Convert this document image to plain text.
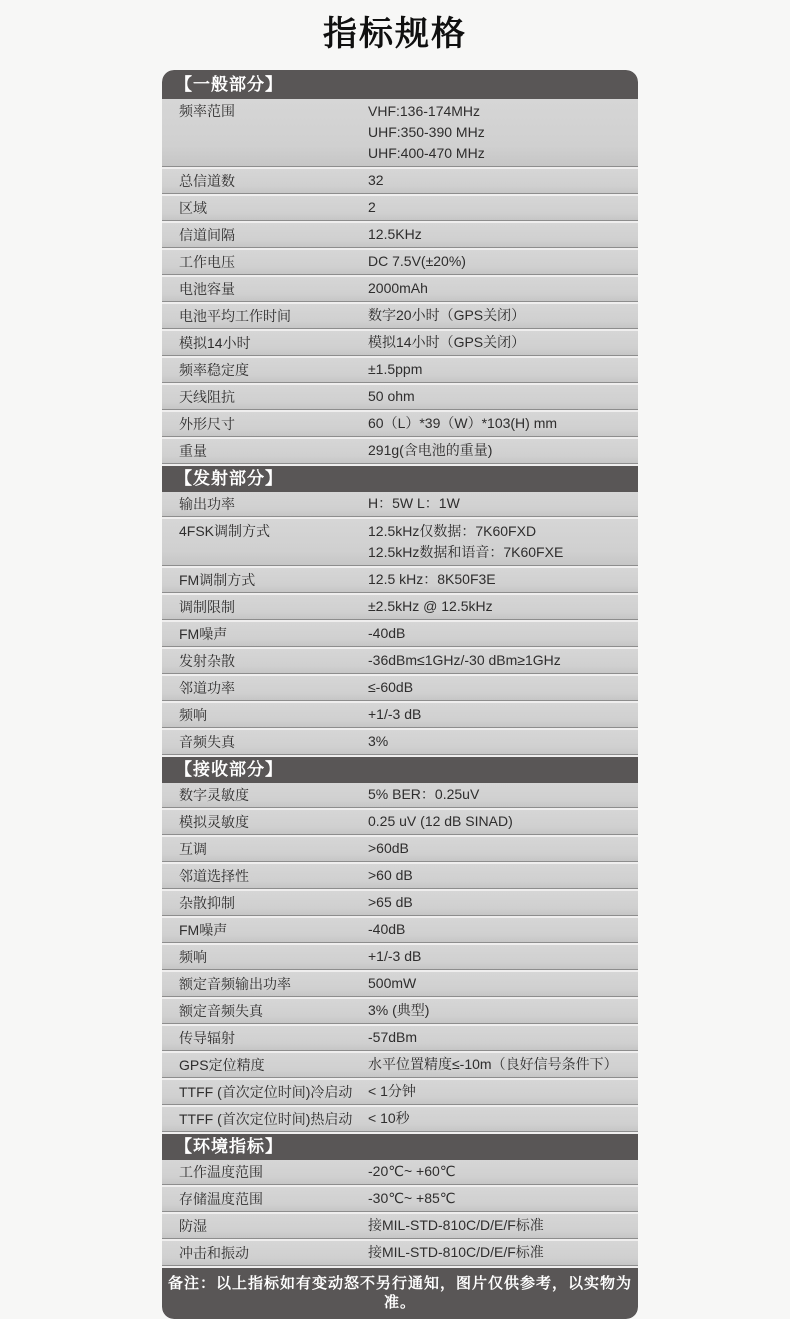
指标规格
【一般部分】
频率范围	VHF:136-174MHz
UHF:350-390 MHz
UHF:400-470 MHz
总信道数	32
区域	2
信道间隔	12.5KHz
工作电压	DC 7.5V(±20%)
电池容量	2000mAh
电池平均工作时间	数字20小时（GPS关闭）
模拟14小时	模拟14小时（GPS关闭）
频率稳定度	±1.5ppm
天线阻抗	50 ohm
外形尺寸	60（L）*39（W）*103(H) mm
重量	291g(含电池的重量)
【发射部分】
输出功率	H：5W L：1W
4FSK调制方式	12.5kHz仅数据：7K60FXD
12.5kHz数据和语音：7K60FXE
FM调制方式	12.5 kHz：8K50F3E
调制限制	±2.5kHz @ 12.5kHz
FM噪声	-40dB
发射杂散	-36dBm≤1GHz/-30 dBm≥1GHz
邻道功率	≤-60dB
频响	+1/-3 dB
音频失真	3%
【接收部分】
数字灵敏度	5% BER：0.25uV
模拟灵敏度	0.25 uV (12 dB SINAD)
互调	>60dB
邻道选择性	>60 dB
杂散抑制	>65 dB
FM噪声	-40dB
频响	+1/-3 dB
额定音频输出功率	500mW
额定音频失真	3% (典型)
传导辐射	-57dBm
GPS定位精度	水平位置精度≤-10m（良好信号条件下）
TTFF (首次定位时间)冷启动	< 1分钟
TTFF (首次定位时间)热启动	< 10秒
【环境指标】
工作温度范围	-20℃~ +60℃
存储温度范围	-30℃~ +85℃
防湿	接MIL-STD-810C/D/E/F标准
冲击和振动	接MIL-STD-810C/D/E/F标准
备注：以上指标如有变动怒不另行通知，图片仅供参考，以实物为准。
